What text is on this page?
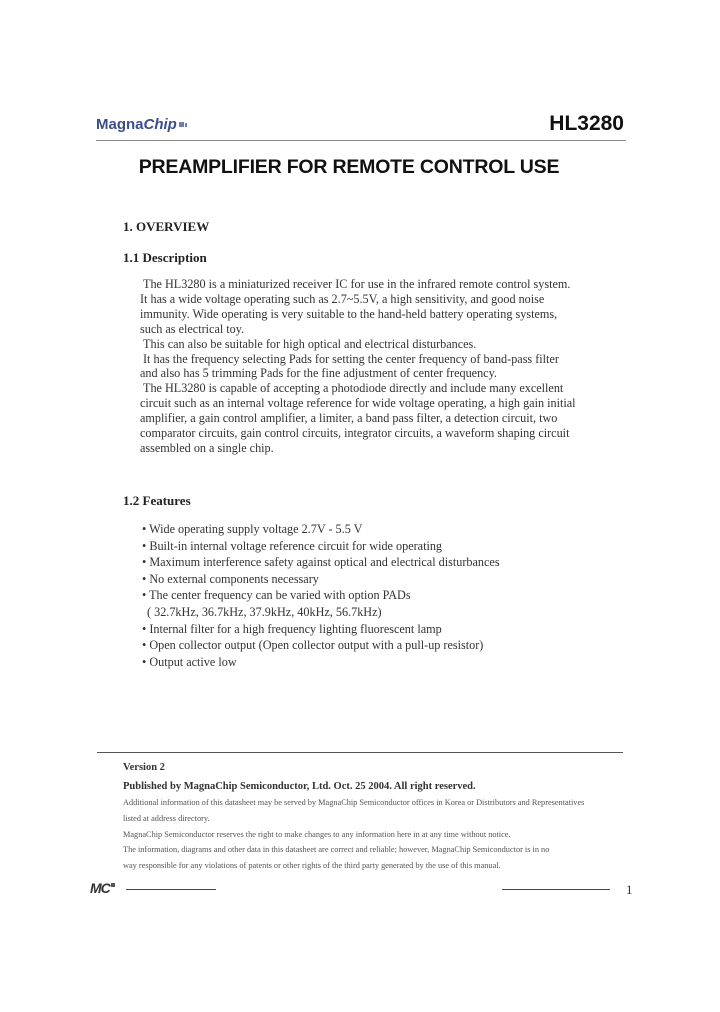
MagnaChip	HL3280
PREAMPLIFIER FOR REMOTE CONTROL USE
1. OVERVIEW
1.1 Description
The HL3280 is a miniaturized receiver IC for use in the infrared remote control system.
It has a wide voltage operating such as 2.7~5.5V, a high sensitivity, and good noise
immunity. Wide operating is very suitable to the hand-held battery operating systems,
such as electrical toy.
This can also be suitable for high optical and electrical disturbances.
It has the frequency selecting Pads for setting the center frequency of band-pass filter
and also has 5 trimming Pads for the fine adjustment of center frequency.
The HL3280 is capable of accepting a photodiode directly and include many excellent
circuit such as an internal voltage reference for wide voltage operating, a high gain initial
amplifier, a gain control amplifier, a limiter, a band pass filter, a detection circuit, two
comparator circuits, gain control circuits, integrator circuits, a waveform shaping circuit
assembled on a single chip.
1.2 Features
• Wide operating supply voltage 2.7V - 5.5 V
• Built-in internal voltage reference circuit for wide operating
• Maximum interference safety against optical and electrical disturbances
• No external components necessary
• The center frequency can be varied with option PADs
( 32.7kHz, 36.7kHz, 37.9kHz, 40kHz, 56.7kHz)
• Internal filter for a high frequency lighting fluorescent lamp
• Open collector output (Open collector output with a pull-up resistor)
• Output active low
Version 2
Published by MagnaChip Semiconductor, Ltd. Oct. 25 2004. All right reserved.
Additional information of this datasheet may be served by MagnaChip Semiconductor offices in Korea or Distributors and Representatives
listed at address directory.
MagnaChip Semiconductor reserves the right to make changes to any information here in at any time without notice.
The information, diagrams and other data in this datasheet are correct and reliable; however, MagnaChip Semiconductor is in no
way responsible for any violations of patents or other rights of the third party generated by the use of this manual.
MC	1
